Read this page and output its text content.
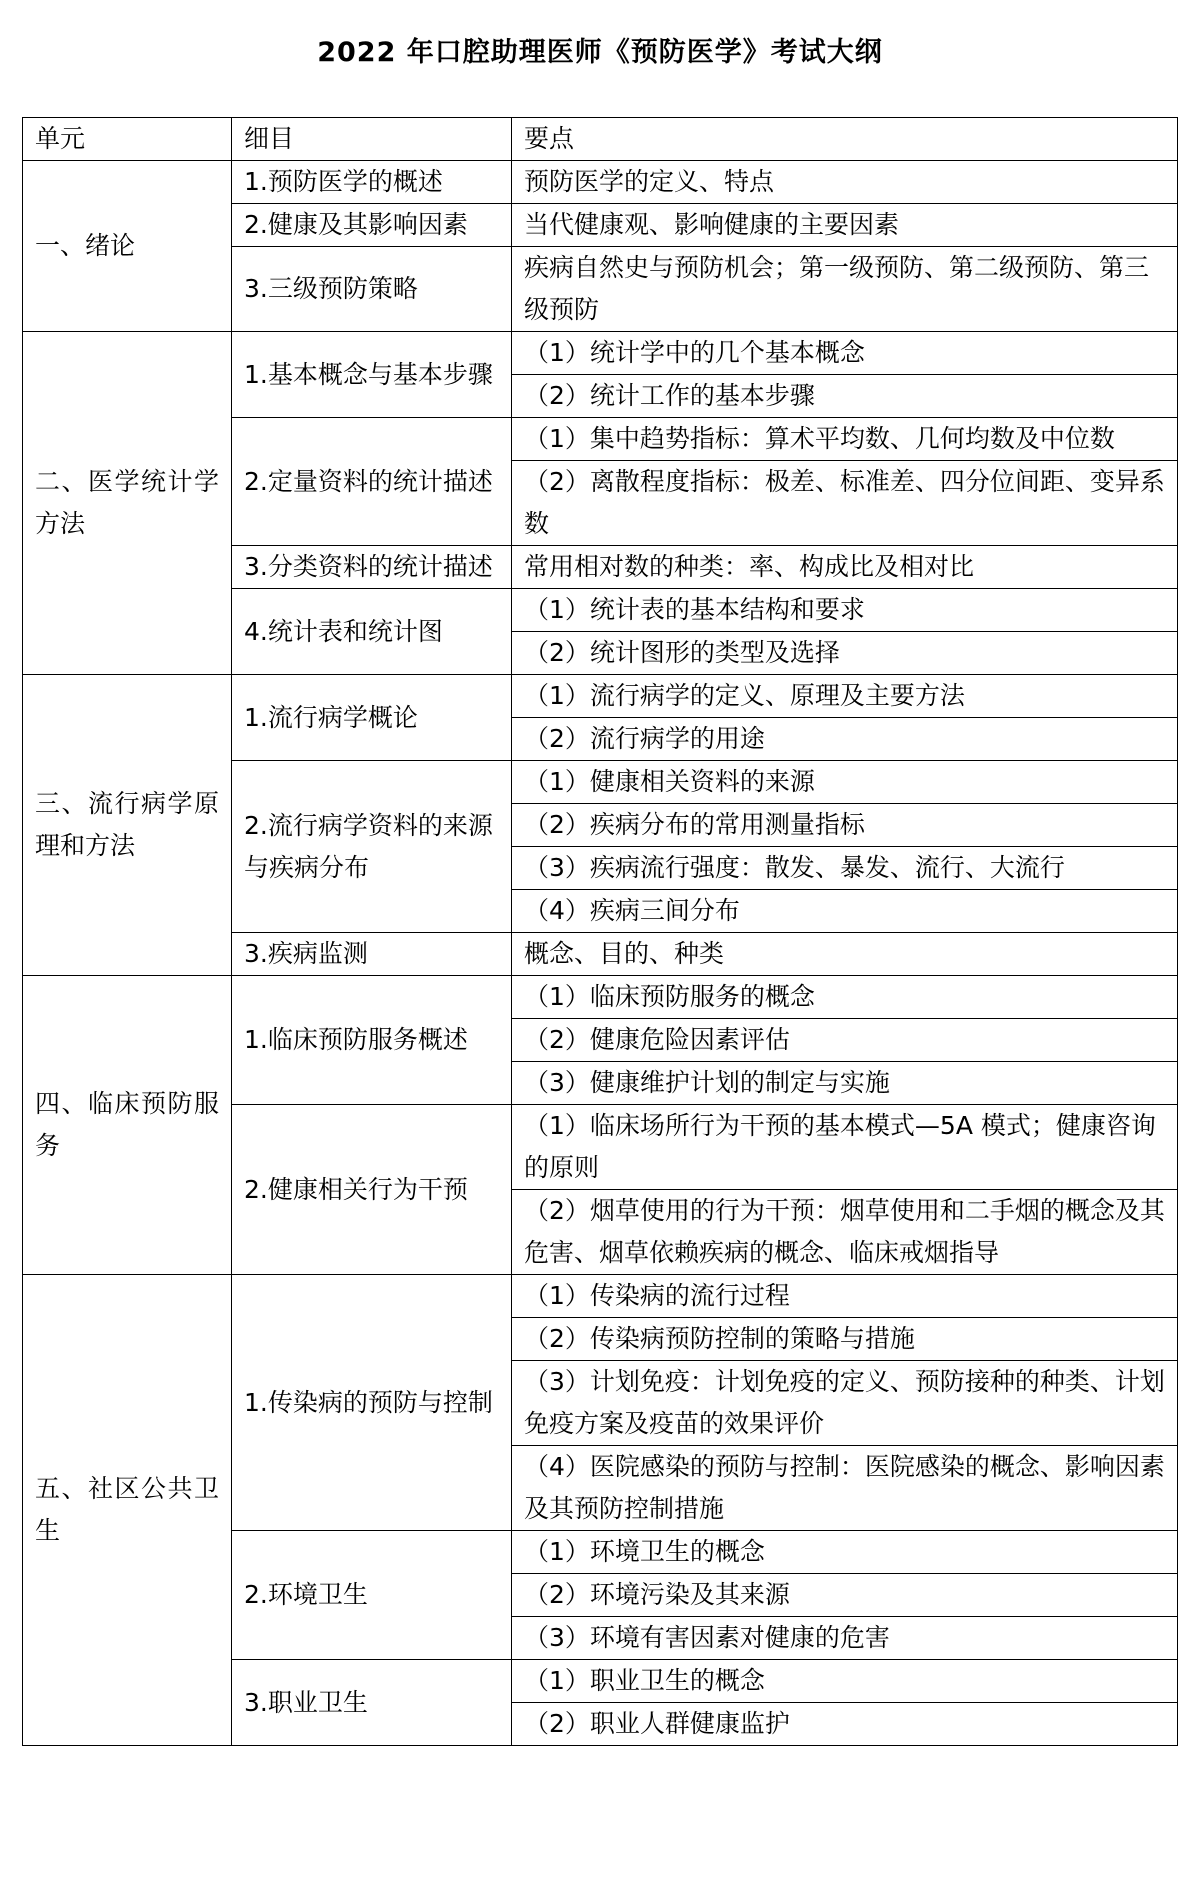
2022 年口腔助理医师《预防医学》考试大纲
单元	细目	要点
一、绪论	1.预防医学的概述	预防医学的定义、特点
	2.健康及其影响因素	当代健康观、影响健康的主要因素
	3.三级预防策略	疾病自然史与预防机会；第一级预防、第二级预防、第三级预防
二、医学统计学方法	1.基本概念与基本步骤	（1）统计学中的几个基本概念
		（2）统计工作的基本步骤
	2.定量资料的统计描述	（1）集中趋势指标：算术平均数、几何均数及中位数
		（2）离散程度指标：极差、标准差、四分位间距、变异系数
	3.分类资料的统计描述	常用相对数的种类：率、构成比及相对比
	4.统计表和统计图	（1）统计表的基本结构和要求
		（2）统计图形的类型及选择
三、流行病学原理和方法	1.流行病学概论	（1）流行病学的定义、原理及主要方法
		（2）流行病学的用途
	2.流行病学资料的来源与疾病分布	（1）健康相关资料的来源
		（2）疾病分布的常用测量指标
		（3）疾病流行强度：散发、暴发、流行、大流行
		（4）疾病三间分布
	3.疾病监测	概念、目的、种类
四、临床预防服务	1.临床预防服务概述	（1）临床预防服务的概念
		（2）健康危险因素评估
		（3）健康维护计划的制定与实施
	2.健康相关行为干预	（1）临床场所行为干预的基本模式—5A 模式；健康咨询的原则
		（2）烟草使用的行为干预：烟草使用和二手烟的概念及其危害、烟草依赖疾病的概念、临床戒烟指导
五、社区公共卫生	1.传染病的预防与控制	（1）传染病的流行过程
		（2）传染病预防控制的策略与措施
		（3）计划免疫：计划免疫的定义、预防接种的种类、计划免疫方案及疫苗的效果评价
		（4）医院感染的预防与控制：医院感染的概念、影响因素及其预防控制措施
	2.环境卫生	（1）环境卫生的概念
		（2）环境污染及其来源
		（3）环境有害因素对健康的危害
	3.职业卫生	（1）职业卫生的概念
		（2）职业人群健康监护
